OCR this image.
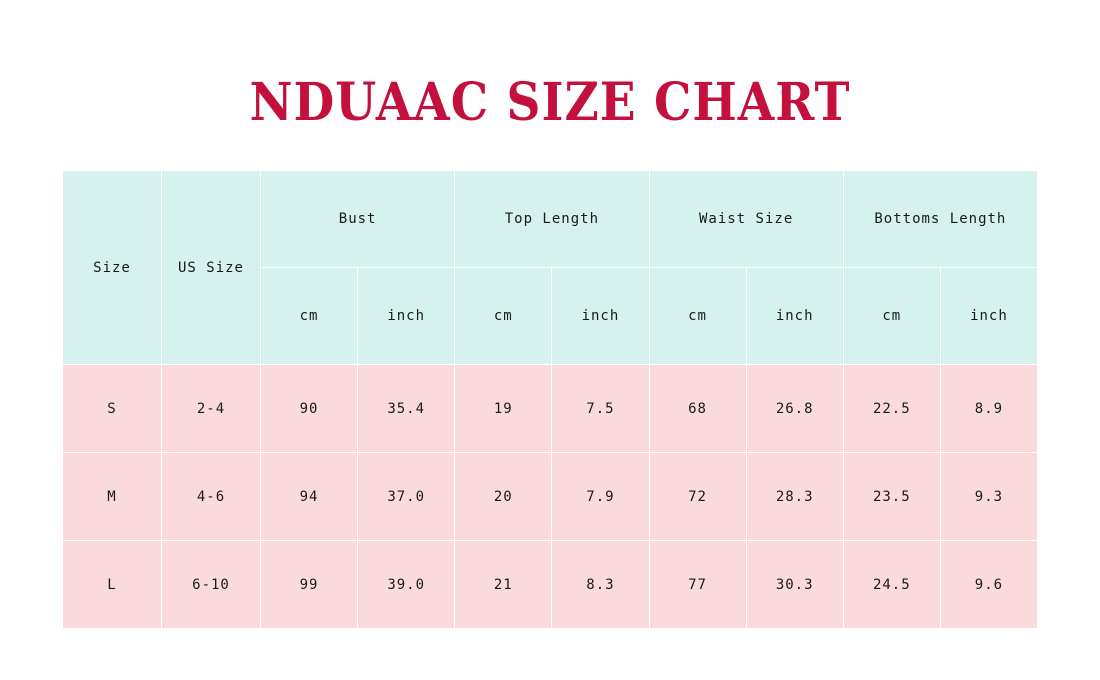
NDUAAC SIZE CHART
Size	US Size	Bust		Top Length		Waist Size		Bottoms Length	
		cm	inch	cm	inch	cm	inch	cm	inch
S	2-4	90	35.4	19	7.5	68	26.8	22.5	8.9
M	4-6	94	37.0	20	7.9	72	28.3	23.5	9.3
L	6-10	99	39.0	21	8.3	77	30.3	24.5	9.6
